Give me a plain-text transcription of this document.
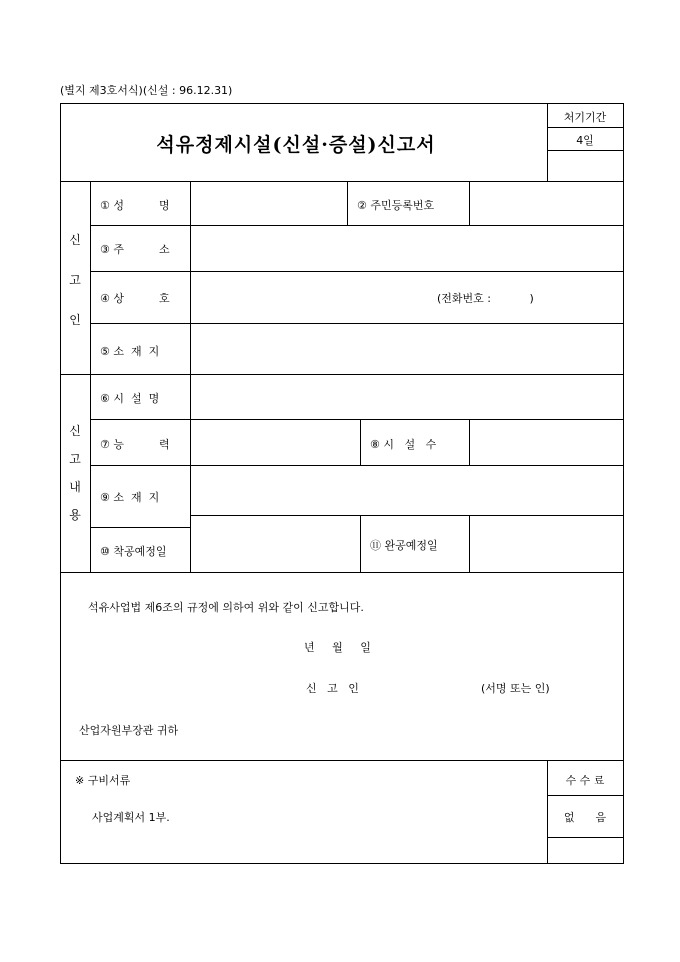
(별지 제3호서식)(신설 : 96.12.31)
석유정제시설(신설·증설)신고서
처기기간
4일
신
고
인
① 성          명	② 주민등록번호
③ 주          소
④ 상          호	(전화번호 :           )
⑤ 소  재  지
신
고
내
용
⑥ 시  설  명
⑦ 능          력	⑧ 시   설   수
⑨ 소  재  지
⑩ 착공예정일	⑪ 완공예정일
석유사업법 제6조의 규정에 의하여 위와 같이 신고합니다.
년     월     일
신   고   인	(서명 또는 인)
산업자원부장관 귀하
※ 구비서류
사업계획서 1부.
수 수 료
없      음
